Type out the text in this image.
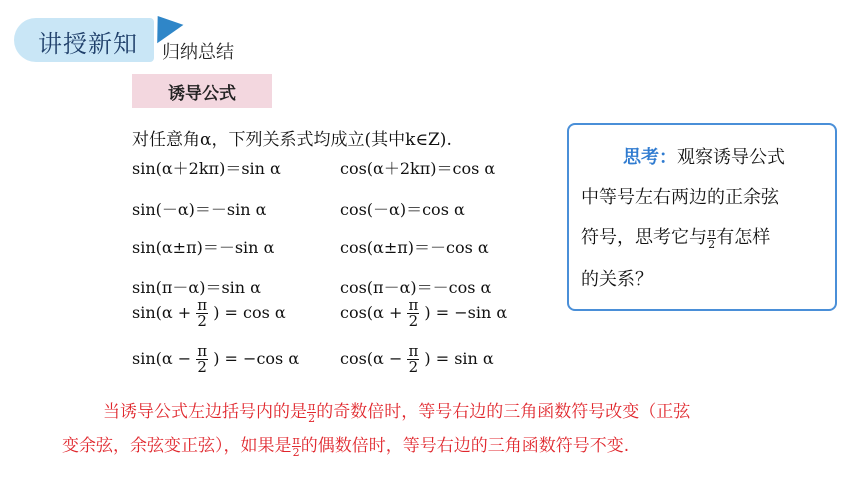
讲授新知 归纳总结
诱导公式
对任意角α，下列关系式均成立(其中k∈Z).
sin(α＋2kπ)＝sin α
sin(－α)＝－sin α
sin(α±π)＝－sin α
sin(π－α)＝sin α
cos(α＋2kπ)＝cos α
cos(－α)＝cos α
cos(α±π)＝－cos α
cos(π－α)＝－cos α
$\sin(\alpha + \frac{\pi}{2}$ ) = cos α	$\cos(\alpha + \frac{\pi}{2}$ ) = −sin α
$\sin(\alpha - \frac{\pi}{2}$ ) = −cos α	$\cos(\alpha - \frac{\pi}{2}$ ) = sin α
思考：观察诱导公式
中等号左右两边的正余弦
符号，思考它与 $\frac{\pi}{2}$ 有怎样
的关系？
当诱导公式左边括号内的是 $\frac{\pi}{2}$ 的奇数倍时，等号右边的三角函数符号改变（正弦
变余弦，余弦变正弦），如果是 $\frac{\pi}{2}$ 的偶数倍时，等号右边的三角函数符号不变.
